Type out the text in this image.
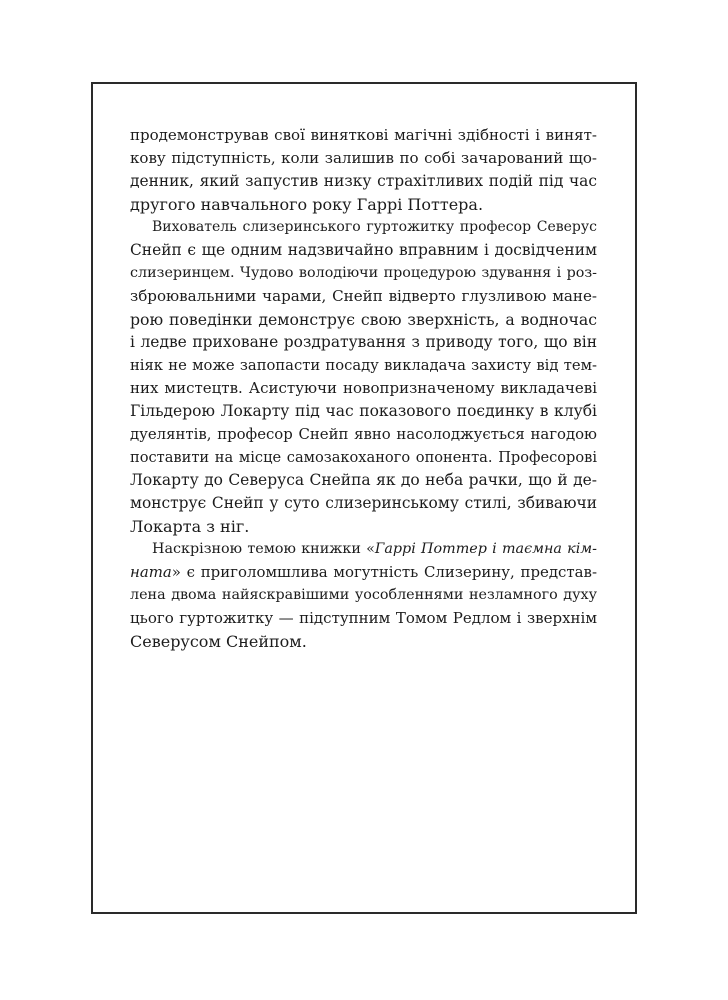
продемонстрував свої виняткові магічні здібності і винят-
кову підступність, коли залишив по собі зачарований що-
денник, який запустив низку страхітливих подій під час
другого навчального року Гаррі Поттера.
Вихователь слизеринського гуртожитку професор Северус
Снейп є ще одним надзвичайно вправним і досвідченим
слизеринцем. Чудово володіючи процедурою здування і роз-
зброювальними чарами, Снейп відверто глузливою мане-
рою поведінки демонструє свою зверхність, а водночас
і ледве приховане роздратування з приводу того, що він
ніяк не може запопасти посаду викладача захисту від тем-
них мистецтв. Асистуючи новопризначеному викладачеві
Гільдерою Локарту під час показового поєдинку в клубі
дуелянтів, професор Снейп явно насолоджується нагодою
поставити на місце самозакоханого опонента. Професорові
Локарту до Северуса Снейпа як до неба рачки, що й де-
монструє Снейп у суто слизеринському стилі, збиваючи
Локарта з ніг.
Наскрізною темою книжки «Гаррі Поттер і таємна кім-
ната» є приголомшлива могутність Слизерину, представ-
лена двома найяскравішими уособленнями незламного духу
цього гуртожитку — підступним Томом Редлом і зверхнім
Северусом Снейпом.
